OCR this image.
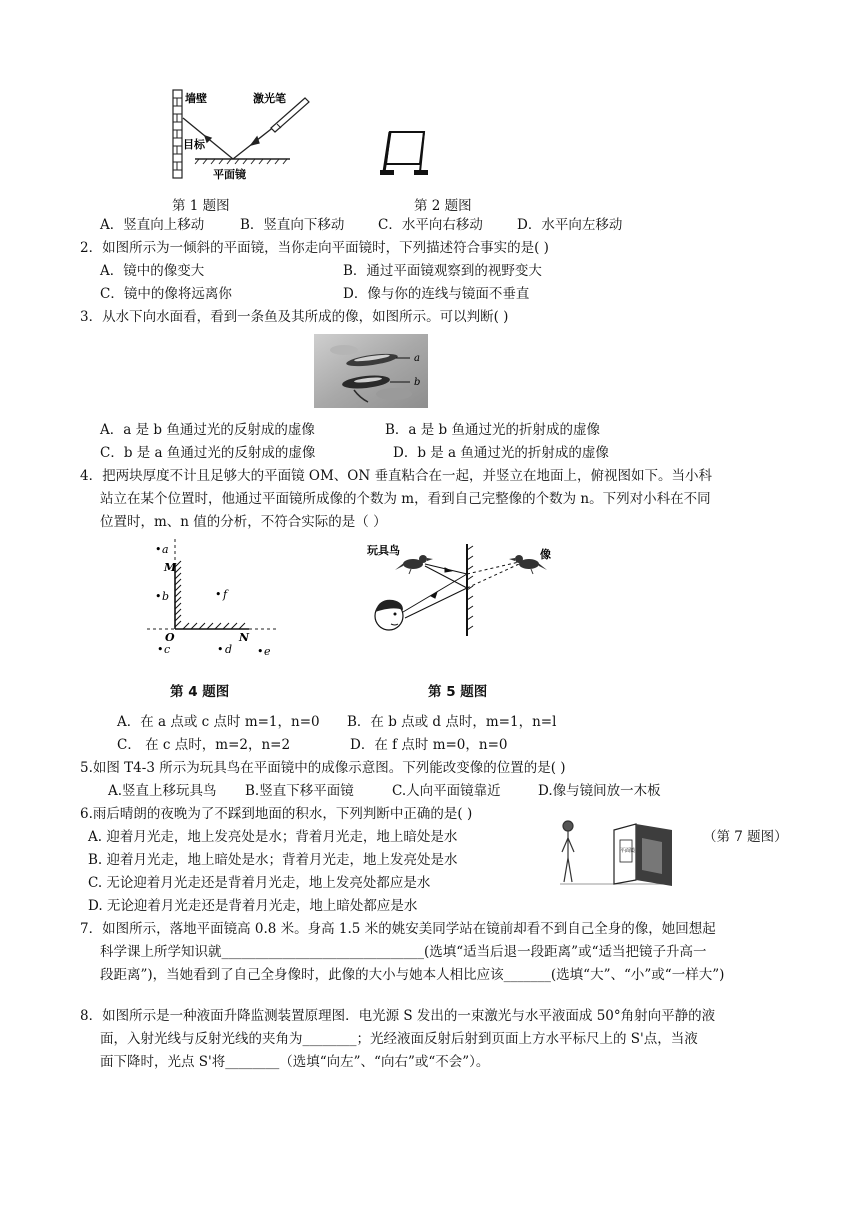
墙壁	激光笔
目标
平面镜
第 1 题图	第 2 题图
A．竖直向上移动	B．竖直向下移动 C．水平向右移动	D．水平向左移动
2．如图所示为一倾斜的平面镜，当你走向平面镜时，下列描述符合事实的是( )
A．镜中的像变大	B．通过平面镜观察到的视野变大
C．镜中的像将远离你	D．像与你的连线与镜面不垂直
3．从水下向水面看，看到一条鱼及其所成的像，如图所示。可以判断( )
a
b
A．a 是 b 鱼通过光的反射成的虚像	B．a 是 b 鱼通过光的折射成的虚像
C．b 是 a 鱼通过光的反射成的虚像	D．b 是 a 鱼通过光的折射成的虚像
4．把两块厚度不计且足够大的平面镜 OM、ON 垂直粘合在一起，并竖立在地面上，俯视图如下。当小科
站立在某个位置时，他通过平面镜所成像的个数为 m，看到自己完整像的个数为 n。下列对小科在不同
位置时，m、n 值的分析，不符合实际的是（ ）
M
O	N
• a
• b
• c	• d • e
• f
第 4 题图
玩具鸟	像
第 5 题图
A．在 a 点或 c 点时 m=1，n=0 B．在 b 点或 d 点时，m=1，n=l
C． 在 c 点时，m=2，n=2	D．在 f 点时 m=0，n=0
5.如图 T4-3 所示为玩具鸟在平面镜中的成像示意图。下列能改变像的位置的是( )
A.竖直上移玩具鸟 B.竖直下移平面镜	C.人向平面镜靠近	D.像与镜间放一木板
6.雨后晴朗的夜晚为了不踩到地面的积水，下列判断中正确的是( )
A. 迎着月光走，地上发亮处是水；背着月光走，地上暗处是水
B. 迎着月光走，地上暗处是水；背着月光走，地上发亮处是水
C. 无论迎着月光走还是背着月光走，地上发亮处都应是水
D. 无论迎着月光走还是背着月光走，地上暗处都应是水
平面镜
（第 7 题图）
7．如图所示，落地平面镜高 0.8 米。身高 1.5 米的姚安美同学站在镜前却看不到自己全身的像，她回想起
科学课上所学知识就______________________________(选填“适当后退一段距离”或“适当把镜子升高一
段距离”)，当她看到了自己全身像时，此像的大小与她本人相比应该_______(选填“大”、“小”或“一样大”)
8．如图所示是一种液面升降监测装置原理图．电光源 S 发出的一束激光与水平液面成 50°角射向平静的液
面，入射光线与反射光线的夹角为________；光经液面反射后射到页面上方水平标尺上的 S'点，当液
面下降时，光点 S'将________（选填“向左”、“向右”或“不会”）。
